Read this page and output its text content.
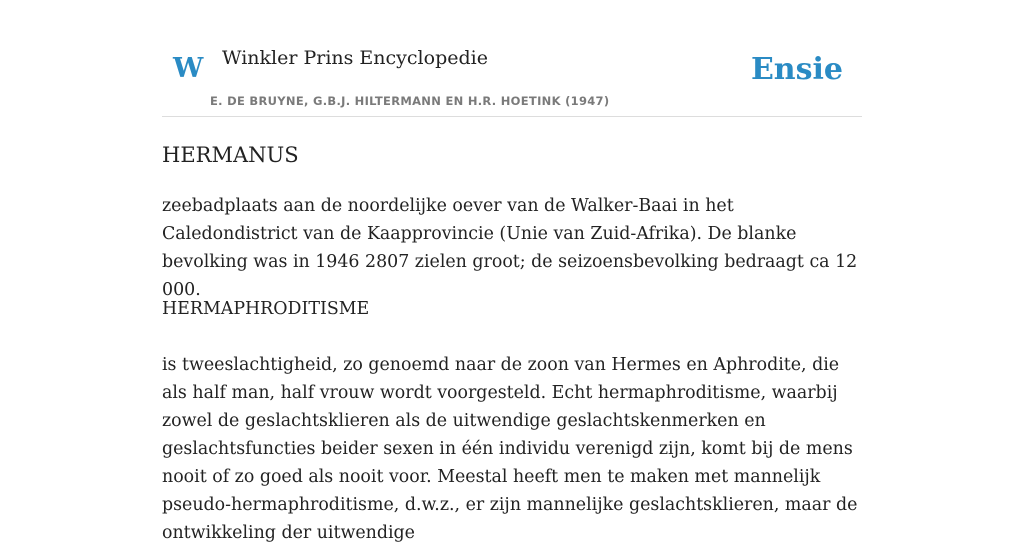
W Winkler Prins Encyclopedie
E. DE BRUYNE, G.B.J. HILTERMANN EN H.R. HOETINK (1947)
Ensie
HERMANUS
zeebadplaats aan de noordelijke oever van de Walker-Baai in het Caledondistrict van de Kaapprovincie (Unie van Zuid-Afrika). De blanke bevolking was in 1946 2807 zielen groot; de seizoensbevolking bedraagt ca 12 000.
HERMAPHRODITISME
is tweeslachtigheid, zo genoemd naar de zoon van Hermes en Aphrodite, die als half man, half vrouw wordt voorgesteld. Echt hermaphroditisme, waarbij zowel de geslachtsklieren als de uitwendige geslachtskenmerken en geslachtsfuncties beider sexen in één individu verenigd zijn, komt bij de mens nooit of zo goed als nooit voor. Meestal heeft men te maken met mannelijk pseudo-hermaphroditisme, d.w.z., er zijn mannelijke geslachtsklieren, maar de ontwikkeling der uitwendige
